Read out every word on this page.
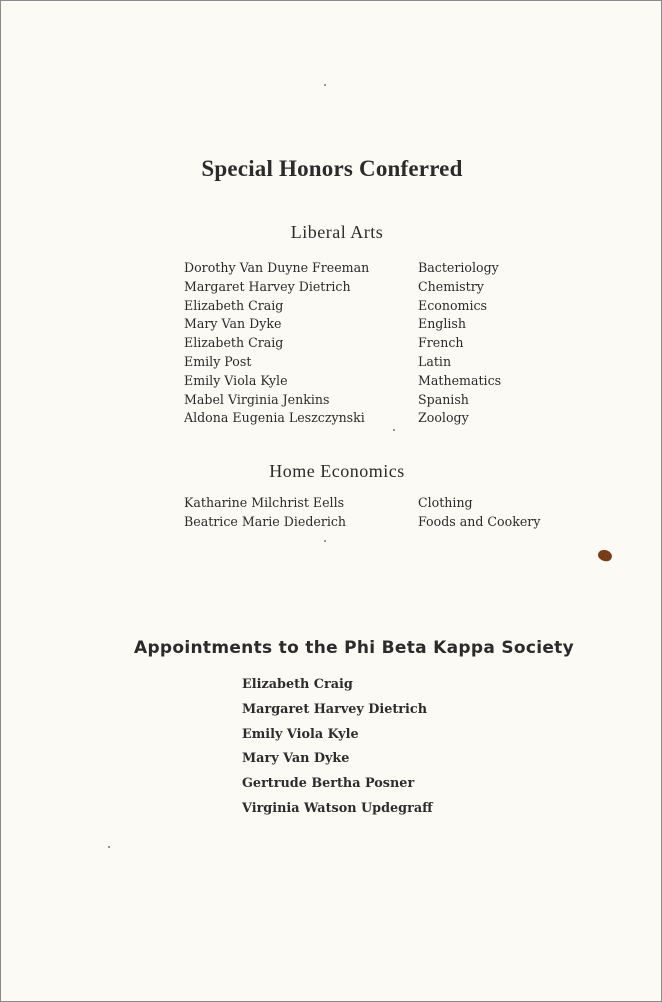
Special Honors Conferred
Liberal Arts
Dorothy Van Duyne Freeman	Bacteriology
Margaret Harvey Dietrich	Chemistry
Elizabeth Craig	Economics
Mary Van Dyke	English
Elizabeth Craig	French
Emily Post	Latin
Emily Viola Kyle	Mathematics
Mabel Virginia Jenkins	Spanish
Aldona Eugenia Leszczynski	Zoology
Home Economics
Katharine Milchrist Eells	Clothing
Beatrice Marie Diederich	Foods and Cookery
Appointments to the Phi Beta Kappa Society
Elizabeth Craig
Margaret Harvey Dietrich
Emily Viola Kyle
Mary Van Dyke
Gertrude Bertha Posner
Virginia Watson Updegraff
